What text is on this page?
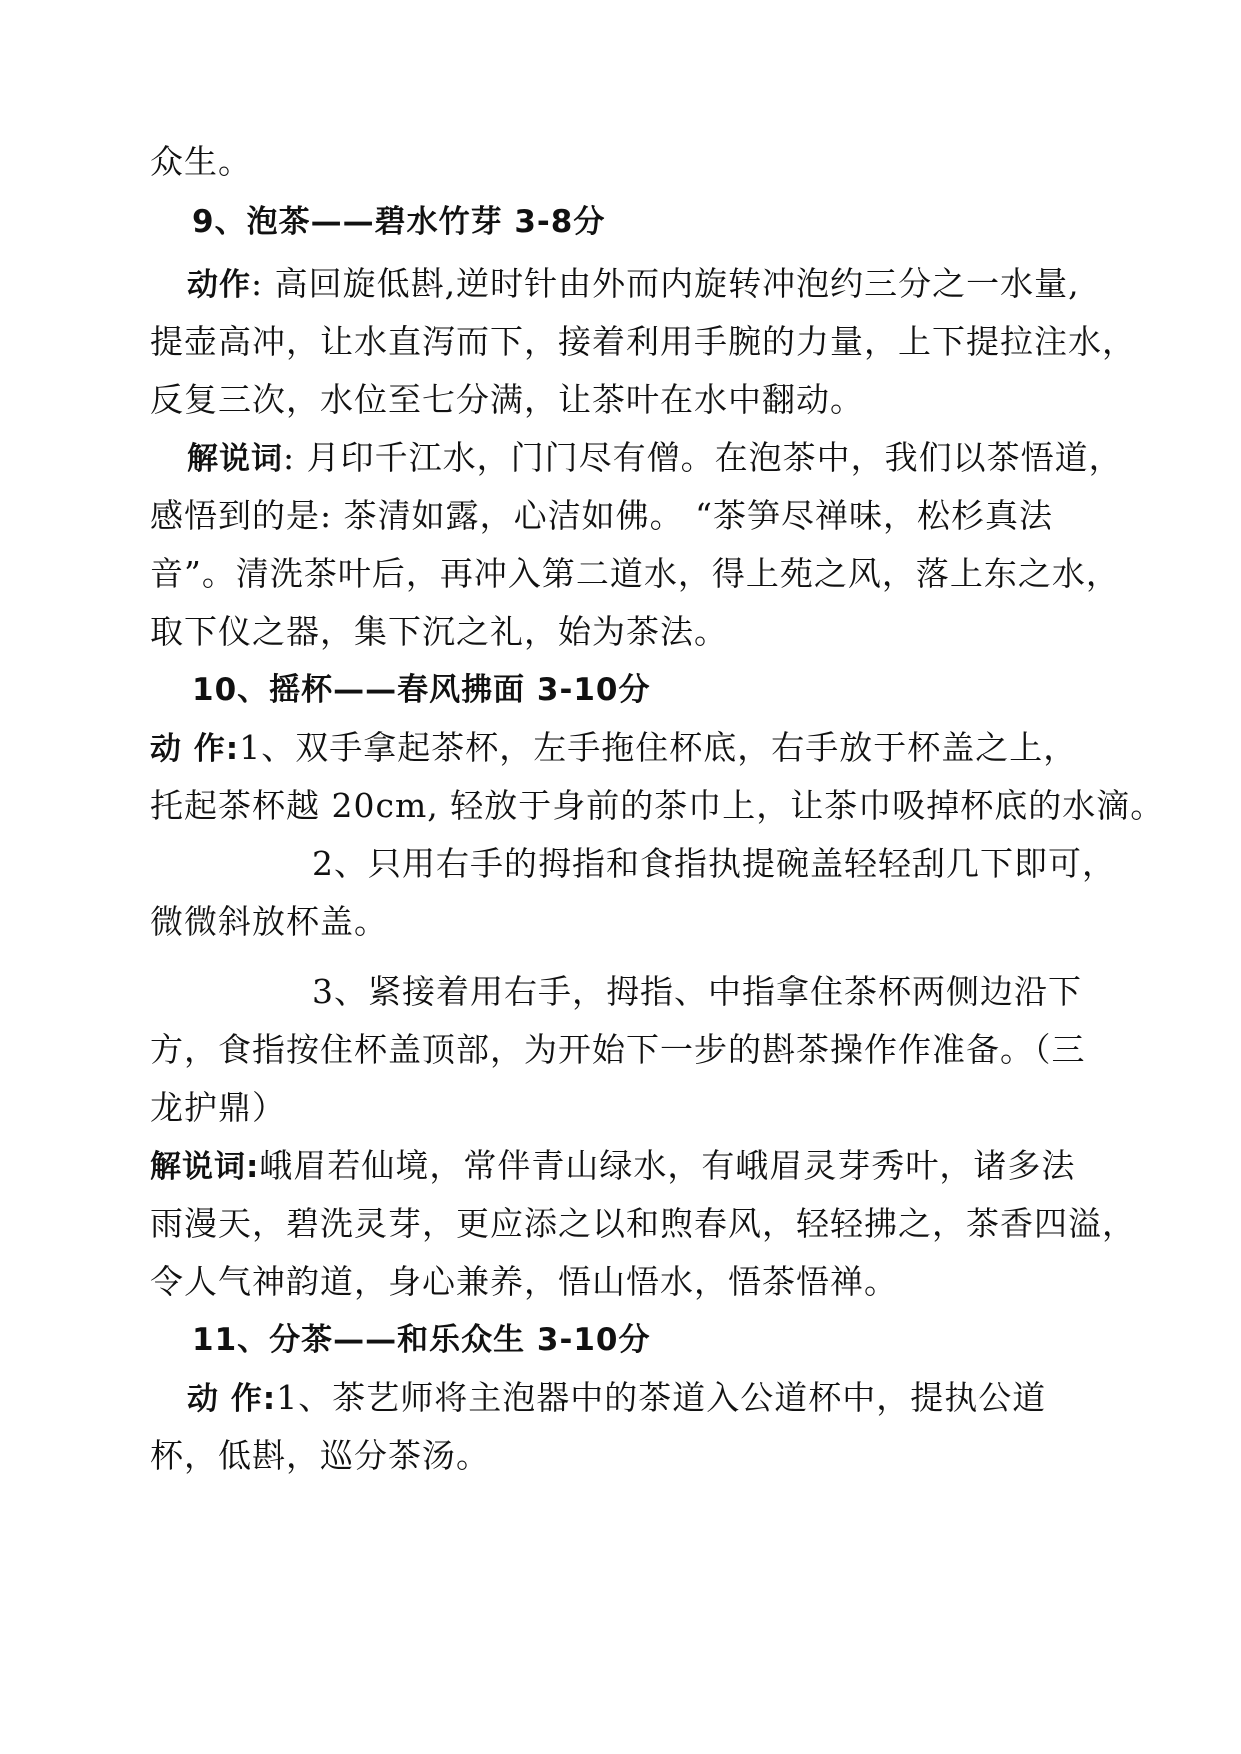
众生。
9、泡茶——碧水竹芽 3-8分
动作: 高回旋低斟,逆时针由外而内旋转冲泡约三分之一水量,
提壶高冲，让水直泻而下，接着利用手腕的力量，上下提拉注水，
反复三次，水位至七分满，让茶叶在水中翻动。
解说词: 月印千江水，门门尽有僧。在泡茶中，我们以茶悟道，
感悟到的是: 茶清如露，心洁如佛。 “茶笋尽禅味，松杉真法
音”。清洗茶叶后，再冲入第二道水，得上苑之风，落上东之水，
取下仪之器，集下沉之礼，始为茶法。
10、摇杯——春风拂面 3-10分
动 作:1、双手拿起茶杯，左手拖住杯底，右手放于杯盖之上，
托起茶杯越 20cm, 轻放于身前的茶巾上，让茶巾吸掉杯底的水滴。
2、只用右手的拇指和食指执提碗盖轻轻刮几下即可，
微微斜放杯盖。
3、紧接着用右手，拇指、中指拿住茶杯两侧边沿下
方，食指按住杯盖顶部，为开始下一步的斟茶操作作准备。（三
龙护鼎）
解说词:峨眉若仙境，常伴青山绿水，有峨眉灵芽秀叶，诸多法
雨漫天，碧洗灵芽，更应添之以和煦春风，轻轻拂之，茶香四溢，
令人气神韵道，身心兼养，悟山悟水，悟茶悟禅。
11、分茶——和乐众生 3-10分
动 作:1、茶艺师将主泡器中的茶道入公道杯中，提执公道
杯，低斟，巡分茶汤。
